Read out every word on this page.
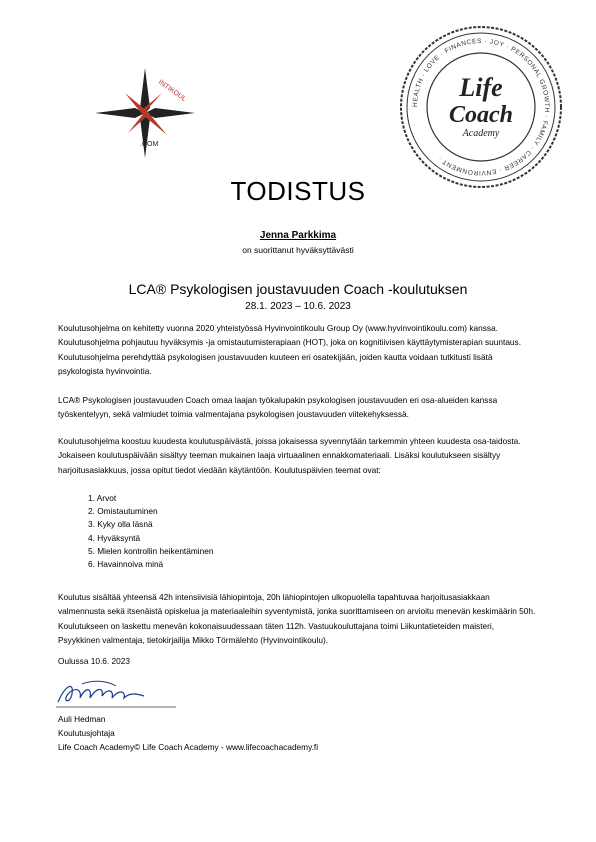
INTIKOUL
.COM
HEALTH · LOVE · FINANCES · JOY · PERSONAL GROWTH · FAMILY · CAREER · ENVIRONMENT ·
Life
Coach
Academy
TODISTUS
Jenna Parkkima
on suorittanut hyväksyttävästi
LCA® Psykologisen joustavuuden Coach -koulutuksen
28.1. 2023 – 10.6. 2023
Koulutusohjelma on kehitetty vuonna 2020 yhteistyössä Hyvinvointikoulu Group Oy (www.hyvinvointikoulu.com) kanssa. Koulutusohjelma pohjautuu hyväksymis -ja omistautumisterapiaan (HOT), joka on kognitiivisen käyttäytymisterapian suuntaus. Koulutusohjelma perehdyttää psykologisen joustavuuden kuuteen eri osatekijään, joiden kautta voidaan tutkitusti lisätä psykologista hyvinvointia.
LCA® Psykologisen joustavuuden Coach omaa laajan työkalupakin psykologisen joustavuuden eri osa-alueiden kanssa työskentelyyn, sekä valmiudet toimia valmentajana psykologisen joustavuuden viitekehyksessä.
Koulutusohjelma koostuu kuudesta koulutuspäivästä, joissa jokaisessa syvennytään tarkemmin yhteen kuudesta osa-taidosta. Jokaiseen koulutuspäivään sisältyy teeman mukainen laaja virtuaalinen ennakkomateriaali. Lisäksi koulutukseen sisältyy harjoitusasiakkuus, jossa opitut tiedot viedään käytäntöön. Koulutuspäivien teemat ovat:
1. Arvot
2. Omistautuminen
3. Kyky olla läsnä
4. Hyväksyntä
5. Mielen kontrollin heikentäminen
6. Havainnoiva minä
Koulutus sisältää yhteensä 42h intensiivisiä lähiopintoja, 20h lähiopintojen ulkopuolella tapahtuvaa harjoitusasiakkaan valmennusta sekä itsenäistä opiskelua ja materiaaleihin syventymistä, jonka suorittamiseen on arvioitu menevän keskimäärin 50h. Koulutukseen on laskettu menevän kokonaisuudessaan täten 112h. Vastuukouluttajana toimi Liikuntatieteiden maisteri, Psyykkinen valmentaja, tietokirjailija Mikko Törmälehto (Hyvinvointikoulu).
Oulussa 10.6. 2023
Auli Hedman
Koulutusjohtaja
Life Coach Academy© Life Coach Academy - www.lifecoachacademy.fi
